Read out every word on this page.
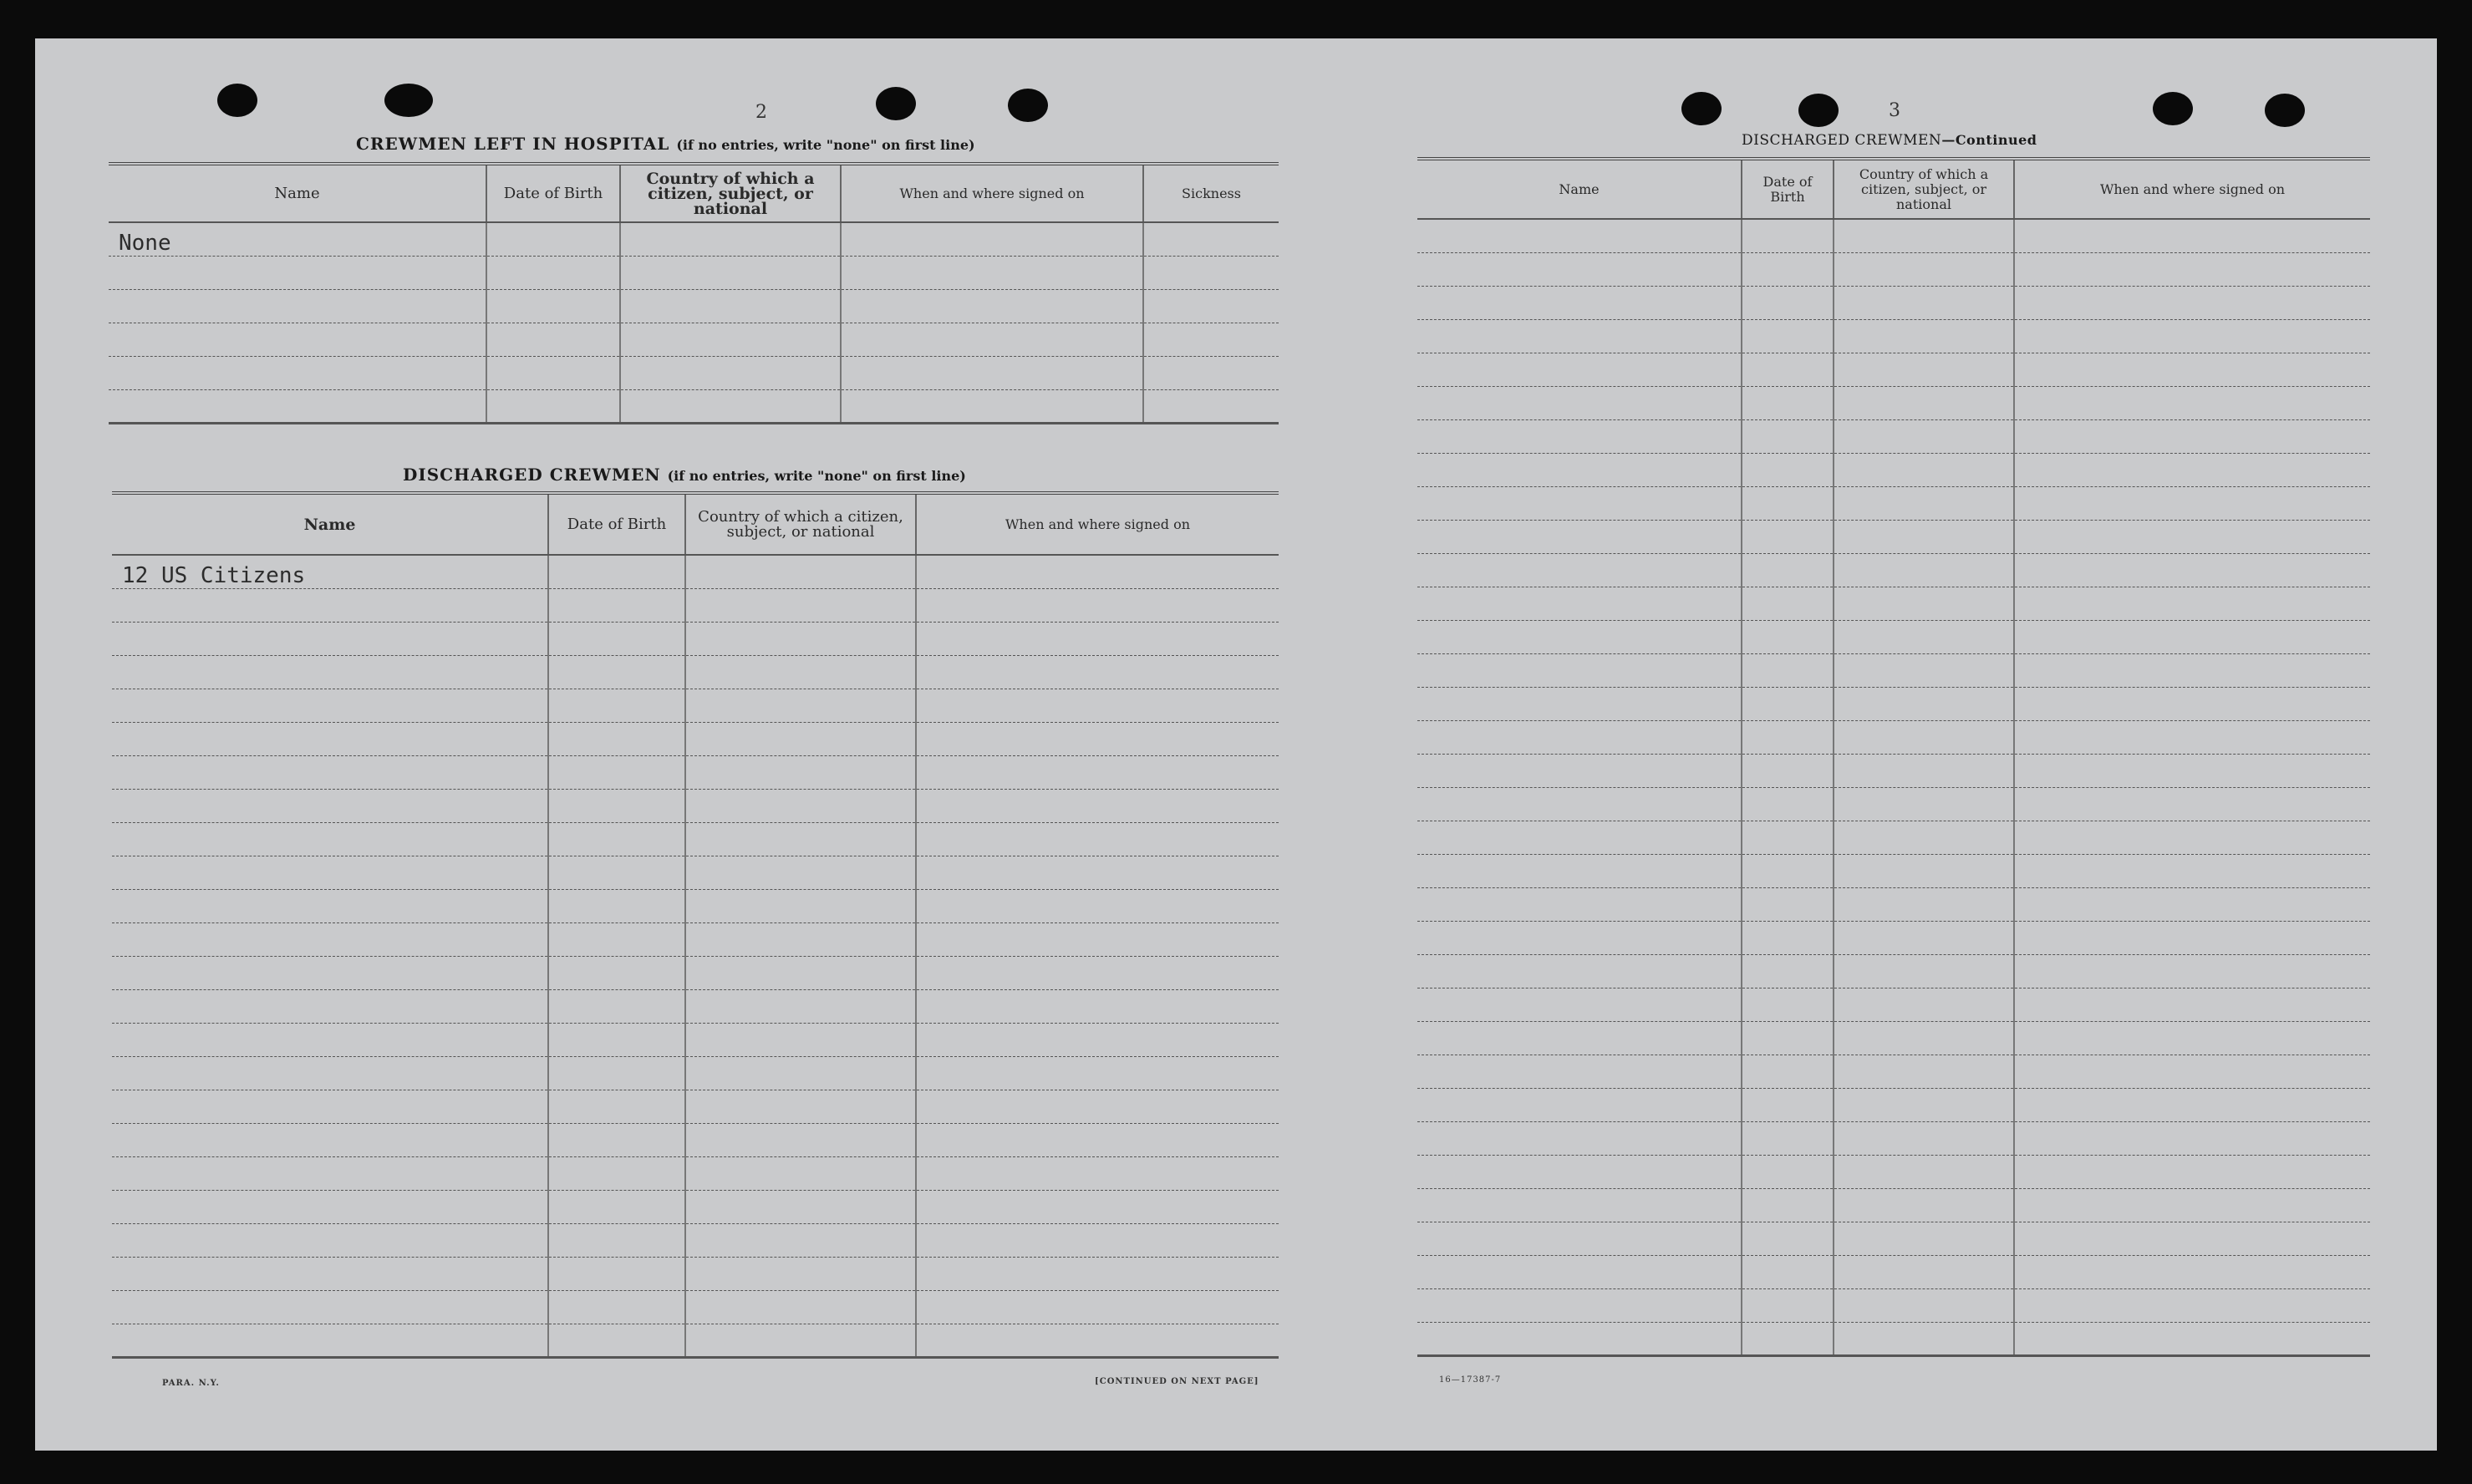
2
CREWMEN LEFT IN HOSPITAL (if no entries, write "none" on first line)
Name	Date of Birth	Country of which a citizen, subject, or national	When and where signed on	Sickness
None				

DISCHARGED CREWMEN (if no entries, write "none" on first line)
Name	Date of Birth	Country of which a citizen, subject, or national	When and where signed on
12 US Citizens			

PARA. N.Y.	[CONTINUED ON NEXT PAGE]
3
DISCHARGED CREWMEN—Continued
Name	Date of Birth	Country of which a citizen, subject, or national	When and where signed on

16—17387-7
